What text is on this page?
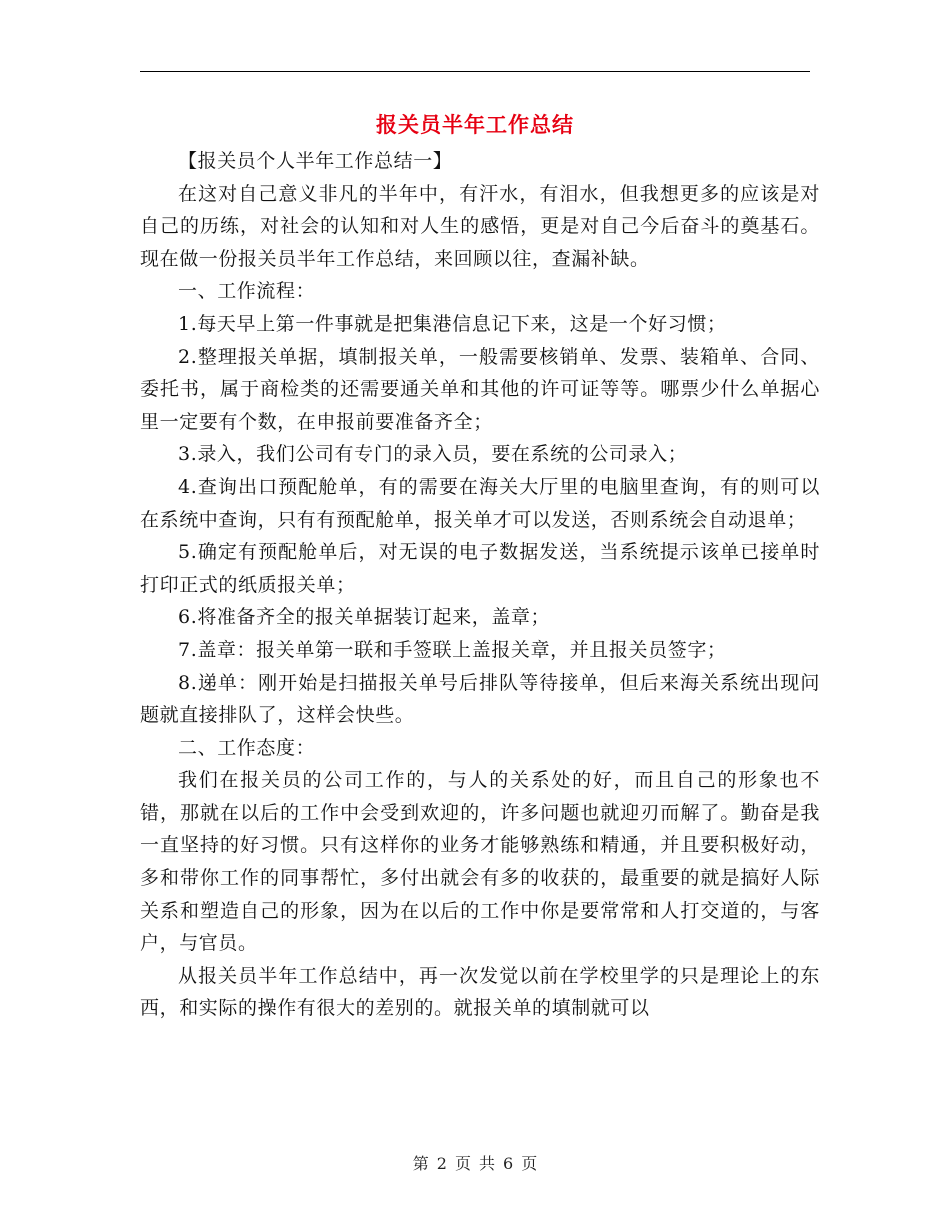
报关员半年工作总结

【报关员个人半年工作总结一】

在这对自己意义非凡的半年中，有汗水，有泪水，但我想更多的应该是对自己的历练，对社会的认知和对人生的感悟，更是对自己今后奋斗的奠基石。现在做一份报关员半年工作总结，来回顾以往，查漏补缺。

一、工作流程：

1.每天早上第一件事就是把集港信息记下来，这是一个好习惯；

2.整理报关单据，填制报关单，一般需要核销单、发票、装箱单、合同、委托书，属于商检类的还需要通关单和其他的许可证等等。哪票少什么单据心里一定要有个数，在申报前要准备齐全；

3.录入，我们公司有专门的录入员，要在系统的公司录入；

4.查询出口预配舱单，有的需要在海关大厅里的电脑里查询，有的则可以在系统中查询，只有有预配舱单，报关单才可以发送，否则系统会自动退单；

5.确定有预配舱单后，对无误的电子数据发送，当系统提示该单已接单时打印正式的纸质报关单；

6.将准备齐全的报关单据装订起来，盖章；

7.盖章：报关单第一联和手签联上盖报关章，并且报关员签字；

8.递单：刚开始是扫描报关单号后排队等待接单，但后来海关系统出现问题就直接排队了，这样会快些。

二、工作态度：

我们在报关员的公司工作的，与人的关系处的好，而且自己的形象也不错，那就在以后的工作中会受到欢迎的，许多问题也就迎刃而解了。勤奋是我一直坚持的好习惯。只有这样你的业务才能够熟练和精通，并且要积极好动，多和带你工作的同事帮忙，多付出就会有多的收获的，最重要的就是搞好人际关系和塑造自己的形象，因为在以后的工作中你是要常常和人打交道的，与客户，与官员。

从报关员半年工作总结中，再一次发觉以前在学校里学的只是理论上的东西，和实际的操作有很大的差别的。就报关单的填制就可以

第 2 页 共 6 页
